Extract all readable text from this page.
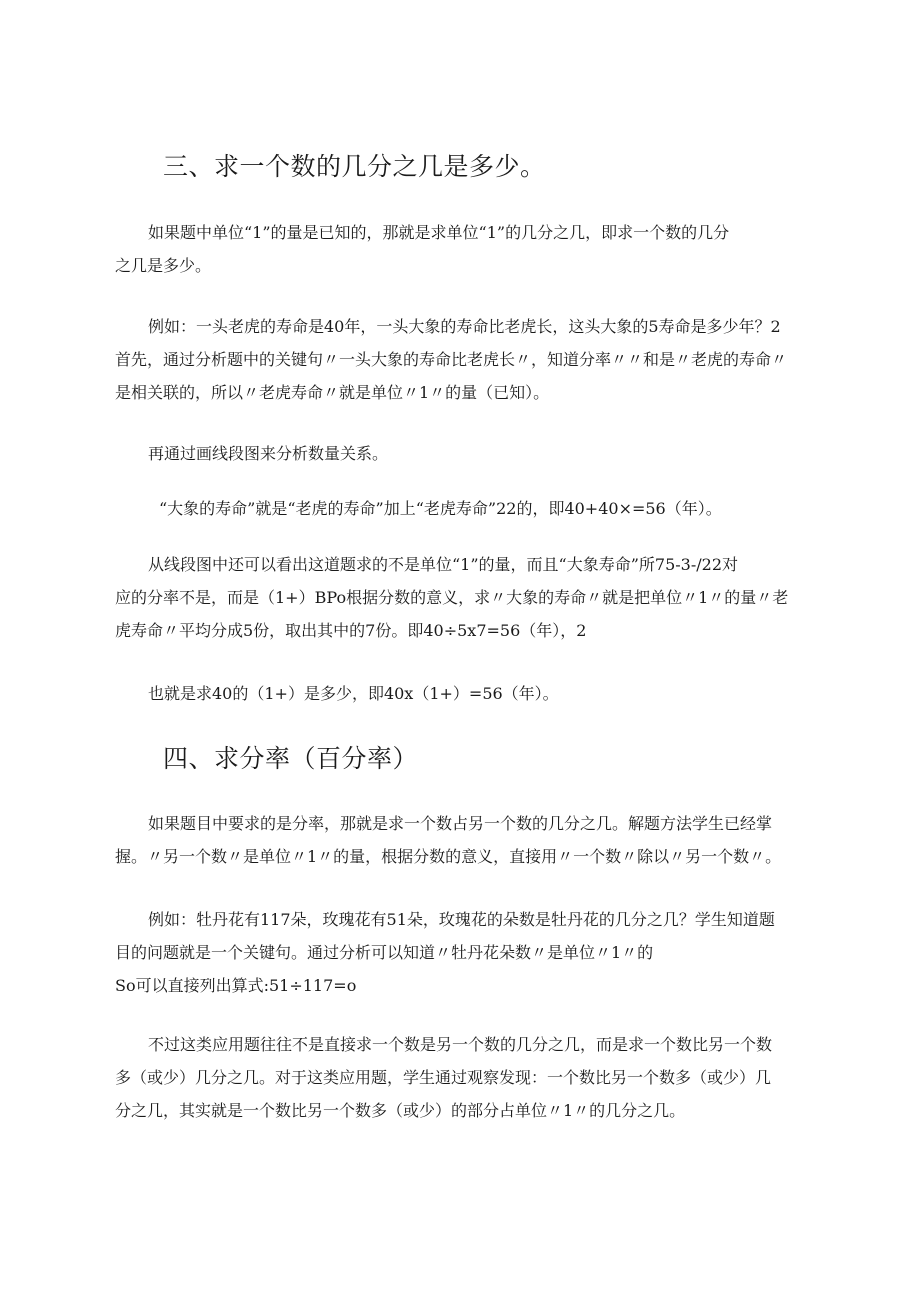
三、求一个数的几分之几是多少。
如果题中单位“1”的量是已知的，那就是求单位“1”的几分之几，即求一个数的几分
之几是多少。
例如：一头老虎的寿命是40年，一头大象的寿命比老虎长，这头大象的5寿命是多少年？2
首先，通过分析题中的关键句〃一头大象的寿命比老虎长〃，知道分率〃〃和是〃老虎的寿命〃
是相关联的，所以〃老虎寿命〃就是单位〃1〃的量（已知）。
再通过画线段图来分析数量关系。
“大象的寿命”就是“老虎的寿命”加上“老虎寿命”22的，即40+40×=56（年）。
从线段图中还可以看出这道题求的不是单位“1”的量，而且“大象寿命”所75-3-/22对
应的分率不是，而是（1+）BPo根据分数的意义，求〃大象的寿命〃就是把单位〃1〃的量〃老
虎寿命〃平均分成5份，取出其中的7份。即40÷5x7=56（年），2
也就是求40的（1+）是多少，即40x（1+）=56（年）。
四、求分率（百分率）
如果题目中要求的是分率，那就是求一个数占另一个数的几分之几。解题方法学生已经掌
握。〃另一个数〃是单位〃1〃的量，根据分数的意义，直接用〃一个数〃除以〃另一个数〃。
例如：牡丹花有117朵，玫瑰花有51朵，玫瑰花的朵数是牡丹花的几分之几？学生知道题
目的问题就是一个关键句。通过分析可以知道〃牡丹花朵数〃是单位〃1〃的
So可以直接列出算式:51÷117=o
不过这类应用题往往不是直接求一个数是另一个数的几分之几，而是求一个数比另一个数
多（或少）几分之几。对于这类应用题，学生通过观察发现：一个数比另一个数多（或少）几
分之几，其实就是一个数比另一个数多（或少）的部分占单位〃1〃的几分之几。
